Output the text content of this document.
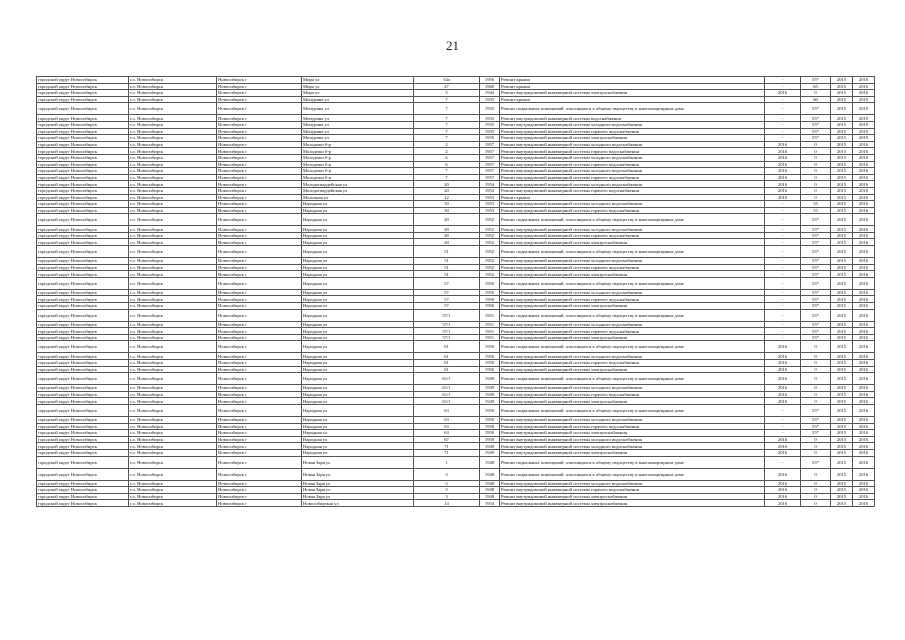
21
городской округ Новосибирск	г.о. Новосибирск	Новосибирск г	Мира ул	54а	1956	Ремонт крыши	-	55*	2015	2018
городской округ Новосибирск	г.о. Новосибирск	Новосибирск г	Мира ул	47	1960	Ремонт крыши	-	65	2015	2016
городской округ Новосибирск	г.о. Новосибирск	Новосибирск г	Мира ул	5	1944	Ремонт внутридомовой инженерной системы электроснабжения	2016	0	2015	2016
городской округ Новосибирск	г.о. Новосибирск	Новосибирск г	Мичурина ул	7	1935	Ремонт крыши	-	60	2015	2019
городской округ Новосибирск	г.о. Новосибирск	Новосибирск г	Мичурина ул	7	1935	Ремонт подвальных помещений, относящихся к общему имуществу в многоквартирном доме	-	55*	2015	2019
городской округ Новосибирск	г.о. Новосибирск	Новосибирск г	Мичурина ул	7	1935	Ремонт внутридомовой инженерной системы водоснабжения	-	55*	2015	2019
городской округ Новосибирск	г.о. Новосибирск	Новосибирск г	Мичурина ул	7	1935	Ремонт внутридомовой инженерной системы холодного водоснабжения	-	55*	2015	2019
городской округ Новосибирск	г.о. Новосибирск	Новосибирск г	Мичурина ул	7	1935	Ремонт внутридомовой инженерной системы горячего водоснабжения	-	55*	2015	2019
городской округ Новосибирск	г.о. Новосибирск	Новосибирск г	Мичурина ул	7	1935	Ремонт внутридомовой инженерной системы электроснабжения	-	55*	2015	2019
городской округ Новосибирск	г.о. Новосибирск	Новосибирск г	Молодежи б-р	2	1957	Ремонт внутридомовой инженерной системы холодного водоснабжения	2016	0	2015	2016
городской округ Новосибирск	г.о. Новосибирск	Новосибирск г	Молодежи б-р	2	1957	Ремонт внутридомовой инженерной системы горячего водоснабжения	2016	0	2015	2016
городской округ Новосибирск	г.о. Новосибирск	Новосибирск г	Молодежи б-р	6	1957	Ремонт внутридомовой инженерной системы холодного водоснабжения	2016	0	2015	2018
городской округ Новосибирск	г.о. Новосибирск	Новосибирск г	Молодежи б-р	6	1957	Ремонт внутридомовой инженерной системы горячего водоснабжения	2016	0	2015	2016
городской округ Новосибирск	г.о. Новосибирск	Новосибирск г	Молодежи б-р	7	1957	Ремонт внутридомовой инженерной системы холодного водоснабжения	2016	0	2015	2016
городской округ Новосибирск	г.о. Новосибирск	Новосибирск г	Молодежи б-р	7	1957	Ремонт внутридомовой инженерной системы горячего водоснабжения	2016	0	2015	2016
городской округ Новосибирск	г.о. Новосибирск	Новосибирск г	Молодогвардейская ул	20	1954	Ремонт внутридомовой инженерной системы холодного водоснабжения	2016	0	2015	2016
городской округ Новосибирск	г.о. Новосибирск	Новосибирск г	Молодогвардейская ул	20	1954	Ремонт внутридомовой инженерной системы горячего водоснабжения	2016	0	2015	2018
городской округ Новосибирск	г.о. Новосибирск	Новосибирск г	Молочная ул	12	1953	Ремонт крыши	2016	0	2015	2016
городской округ Новосибирск	г.о. Новосибирск	Новосибирск г	Народная ул	30	1953	Ремонт внутридомовой инженерной системы холодного водоснабжения	-	55	2015	2016
городской округ Новосибирск	г.о. Новосибирск	Новосибирск г	Народная ул	30	1953	Ремонт внутридомовой инженерной системы горячего водоснабжения	-	55	2015	2016
городской округ Новосибирск	г.о. Новосибирск	Новосибирск г	Народная ул	49	1952	Ремонт подвальных помещений, относящихся к общему имуществу в многоквартирном доме	-	55*	2015	2016
городской округ Новосибирск	г.о. Новосибирск	Новосибирск г	Народная ул	49	1952	Ремонт внутридомовой инженерной системы холодного водоснабжения	-	55*	2015	2016
городской округ Новосибирск	г.о. Новосибирск	Новосибирск г	Народная ул	49	1952	Ремонт внутридомовой инженерной системы горячего водоснабжения	-	55*	2015	2016
городской округ Новосибирск	г.о. Новосибирск	Новосибирск г	Народная ул	49	1952	Ремонт внутридомовой инженерной системы электроснабжения	-	55*	2015	2016
городской округ Новосибирск	г.о. Новосибирск	Новосибирск г	Народная ул	51	1952	Ремонт подвальных помещений, относящихся к общему имуществу в многоквартирном доме	-	55*	2015	2016
городской округ Новосибирск	г.о. Новосибирск	Новосибирск г	Народная ул	51	1952	Ремонт внутридомовой инженерной системы холодного водоснабжения	-	55*	2015	2016
городской округ Новосибирск	г.о. Новосибирск	Новосибирск г	Народная ул	51	1952	Ремонт внутридомовой инженерной системы горячего водоснабжения	-	55*	2015	2016
городской округ Новосибирск	г.о. Новосибирск	Новосибирск г	Народная ул	51	1952	Ремонт внутридомовой инженерной системы электроснабжения	-	55*	2015	2016
городской округ Новосибирск	г.о. Новосибирск	Новосибирск г	Народная ул	57	1950	Ремонт подвальных помещений, относящихся к общему имуществу в многоквартирном доме	-	55*	2015	2016
городской округ Новосибирск	г.о. Новосибирск	Новосибирск г	Народная ул	57	1950	Ремонт внутридомовой инженерной системы холодного водоснабжения	-	55*	2015	2016
городской округ Новосибирск	г.о. Новосибирск	Новосибирск г	Народная ул	57	1950	Ремонт внутридомовой инженерной системы горячего водоснабжения	-	55*	2015	2016
городской округ Новосибирск	г.о. Новосибирск	Новосибирск г	Народная ул	57	1950	Ремонт внутридомовой инженерной системы электроснабжения	-	55*	2015	2016
городской округ Новосибирск	г.о. Новосибирск	Новосибирск г	Народная ул	57/1	1951	Ремонт подвальных помещений, относящихся к общему имуществу в многоквартирном доме	-	55*	2015	2016
городской округ Новосибирск	г.о. Новосибирск	Новосибирск г	Народная ул	57/1	1951	Ремонт внутридомовой инженерной системы холодного водоснабжения	-	55*	2015	2016
городской округ Новосибирск	г.о. Новосибирск	Новосибирск г	Народная ул	57/1	1951	Ремонт внутридомовой инженерной системы горячего водоснабжения	-	55*	2015	2016
городской округ Новосибирск	г.о. Новосибирск	Новосибирск г	Народная ул	57/1	1951	Ремонт внутридомовой инженерной системы электроснабжения	-	55*	2015	2016
городской округ Новосибирск	г.о. Новосибирск	Новосибирск г	Народная ул	61	1950	Ремонт подвальных помещений, относящихся к общему имуществу в многоквартирном доме	2016	0	2015	2016
городской округ Новосибирск	г.о. Новосибирск	Новосибирск г	Народная ул	61	1950	Ремонт внутридомовой инженерной системы холодного водоснабжения	2016	0	2015	2016
городской округ Новосибирск	г.о. Новосибирск	Новосибирск г	Народная ул	61	1950	Ремонт внутридомовой инженерной системы горячего водоснабжения	2016	0	2015	2016
городской округ Новосибирск	г.о. Новосибирск	Новосибирск г	Народная ул	61	1950	Ремонт внутридомовой инженерной системы электроснабжения	2016	0	2015	2016
городской округ Новосибирск	г.о. Новосибирск	Новосибирск г	Народная ул	61/1	1949	Ремонт подвальных помещений, относящихся к общему имуществу в многоквартирном доме	2016	0	2015	2016
городской округ Новосибирск	г.о. Новосибирск	Новосибирск г	Народная ул	61/1	1949	Ремонт внутридомовой инженерной системы холодного водоснабжения	2016	0	2015	2016
городской округ Новосибирск	г.о. Новосибирск	Новосибирск г	Народная ул	61/1	1949	Ремонт внутридомовой инженерной системы горячего водоснабжения	2016	0	2015	2016
городской округ Новосибирск	г.о. Новосибирск	Новосибирск г	Народная ул	61/1	1949	Ремонт внутридомовой инженерной системы электроснабжения	2016	0	2015	2016
городской округ Новосибирск	г.о. Новосибирск	Новосибирск г	Народная ул	63	1950	Ремонт подвальных помещений, относящихся к общему имуществу в многоквартирном доме	-	55*	2015	2016
городской округ Новосибирск	г.о. Новосибирск	Новосибирск г	Народная ул	63	1950	Ремонт внутридомовой инженерной системы холодного водоснабжения	-	55*	2015	2016
городской округ Новосибирск	г.о. Новосибирск	Новосибирск г	Народная ул	63	1950	Ремонт внутридомовой инженерной системы горячего водоснабжения	-	55*	2015	2016
городской округ Новосибирск	г.о. Новосибирск	Новосибирск г	Народная ул	63	1950	Ремонт внутридомовой инженерной системы электроснабжения	-	55*	2015	2016
городской округ Новосибирск	г.о. Новосибирск	Новосибирск г	Народная ул	67	1950	Ремонт внутридомовой инженерной системы холодного водоснабжения	2016	0	2015	2016
городской округ Новосибирск	г.о. Новосибирск	Новосибирск г	Народная ул	71	1949	Ремонт внутридомовой инженерной системы холодного водоснабжения	2016	0	2015	2016
городской округ Новосибирск	г.о. Новосибирск	Новосибирск г	Народная ул	71	1949	Ремонт внутридомовой инженерной системы электроснабжения	2016	0	2015	2016
городской округ Новосибирск	г.о. Новосибирск	Новосибирск г	Новая Заря ул	1	1948	Ремонт подвальных помещений, относящихся к общему имуществу в многоквартирном доме	-	55*	2015	2016
городской округ Новосибирск	г.о. Новосибирск	Новосибирск г	Новая Заря ул	3	1948	Ремонт подвальных помещений, относящихся к общему имуществу в многоквартирном доме	2016	0	2015	2016
городской округ Новосибирск	г.о. Новосибирск	Новосибирск г	Новая Заря ул	3	1948	Ремонт внутридомовой инженерной системы холодного водоснабжения	2016	0	2015	2016
городской округ Новосибирск	г.о. Новосибирск	Новосибирск г	Новая Заря ул	3	1948	Ремонт внутридомовой инженерной системы горячего водоснабжения	2016	0	2015	2016
городской округ Новосибирск	г.о. Новосибирск	Новосибирск г	Новая Заря ул	3	1948	Ремонт внутридомовой инженерной системы электроснабжения	2016	0	2015	2016
городской округ Новосибирск	г.о. Новосибирск	Новосибирск г	Новосибирская ул	14	1954	Ремонт внутридомовой инженерной системы электроснабжения	2016	0	2015	2016
